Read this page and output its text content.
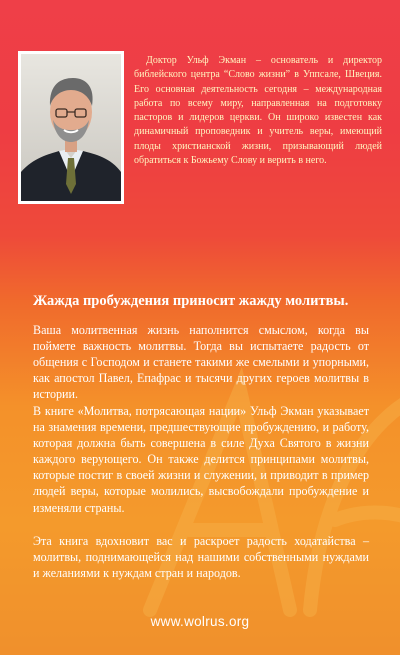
Доктор Ульф Экман – основатель и директор библейского центра “Слово жизни” в Уппсале, Швеция. Его основная деятельность сегодня – международная работа по всему миру, направленная на подготовку пасторов и лидеров церкви. Он широко известен как динамичный проповедник и учитель веры, имеющий плоды христианской жизни, призывающий людей обратиться к Божьему Слову и верить в него.
Жажда пробуждения приносит жажду молитвы.

Ваша молитвенная жизнь наполнится смыслом, когда вы поймете важность молитвы. Тогда вы испытаете радость от общения с Господом и станете такими же смелыми и упорными, как апостол Павел, Епафрас и тысячи других героев молитвы в истории.

В книге «Молитва, потрясающая нации» Ульф Экман указывает на знамения времени, предшествующие пробуждению, и работу, которая должна быть совершена в силе Духа Святого в жизни каждого верующего. Он также делится принципами молитвы, которые постиг в своей жизни и служении, и приводит в пример людей веры, которые молились, высвобождали пробуждение и изменяли страны.

Эта книга вдохновит вас и раскроет радость ходатайства – молитвы, поднимающейся над нашими собственными нуждами и желаниями к нуждам стран и народов.

www.wolrus.org
